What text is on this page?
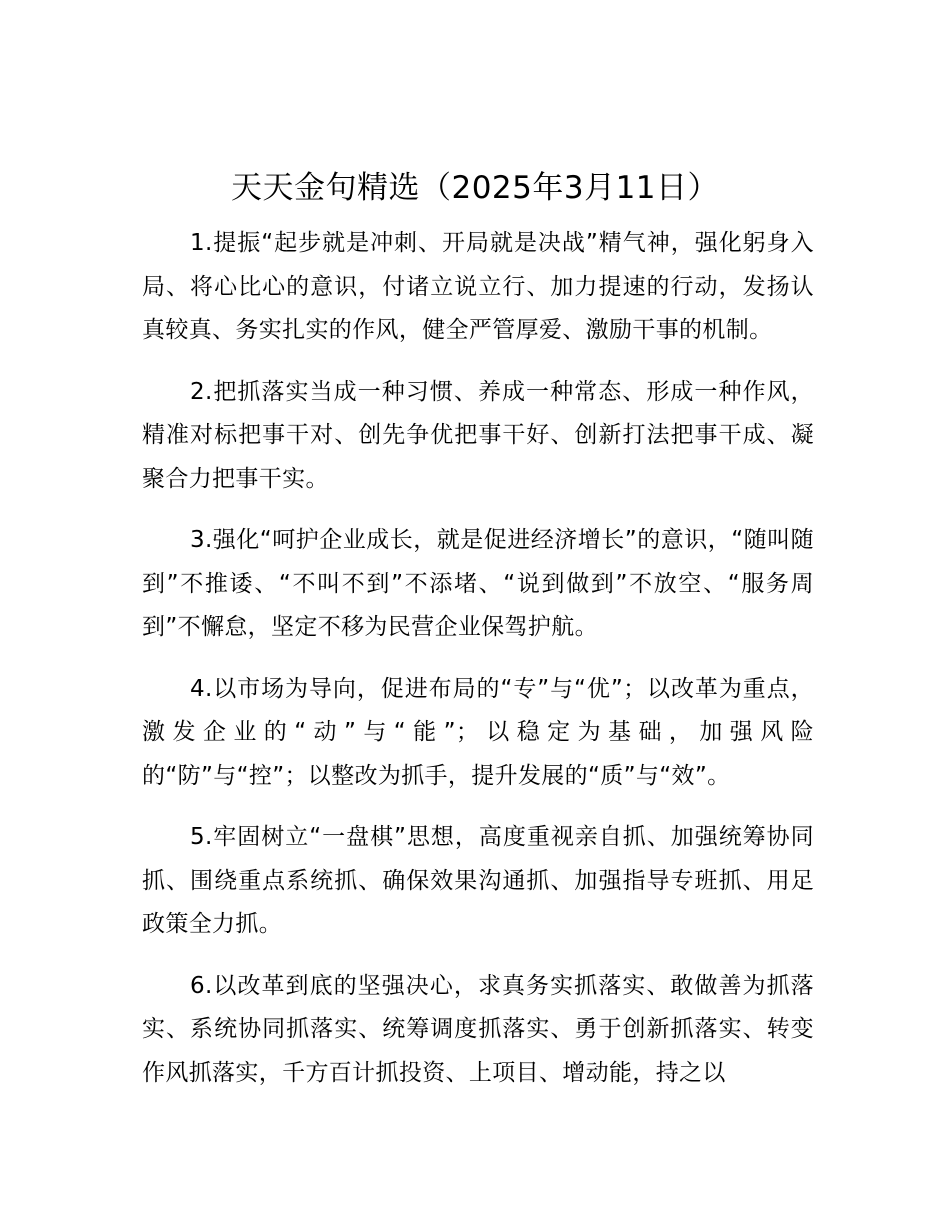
天天金句精选（2025年3月11日）

1.提振“起步就是冲刺、开局就是决战”精气神，强化躬身入局、将心比心的意识，付诸立说立行、加力提速的行动，发扬认真较真、务实扎实的作风，健全严管厚爱、激励干事的机制。

2.把抓落实当成一种习惯、养成一种常态、形成一种作风，精准对标把事干对、创先争优把事干好、创新打法把事干成、凝聚合力把事干实。

3.强化“呵护企业成长，就是促进经济增长”的意识，“随叫随到”不推诿、“不叫不到”不添堵、“说到做到”不放空、“服务周到”不懈怠，坚定不移为民营企业保驾护航。

4.以市场为导向，促进布局的“专”与“优”；以改革为重点，激发企业的“动”与“能”；以稳定为基础，加强风险的“防”与“控”；以整改为抓手，提升发展的“质”与“效”。

5.牢固树立“一盘棋”思想，高度重视亲自抓、加强统筹协同抓、围绕重点系统抓、确保效果沟通抓、加强指导专班抓、用足政策全力抓。

6.以改革到底的坚强决心，求真务实抓落实、敢做善为抓落实、系统协同抓落实、统筹调度抓落实、勇于创新抓落实、转变作风抓落实，千方百计抓投资、上项目、增动能，持之以
